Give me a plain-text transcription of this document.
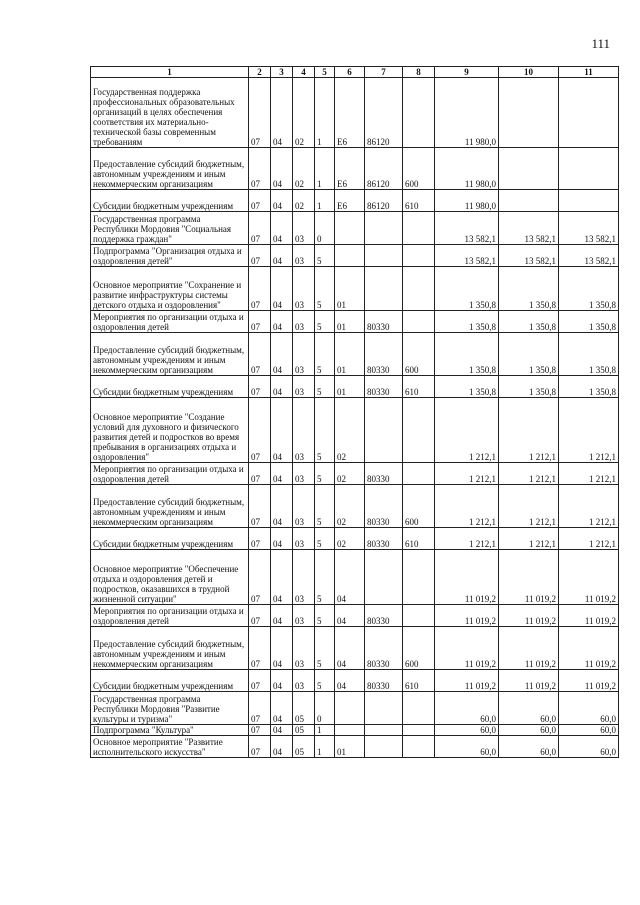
111
1	2	3	4	5	6	7	8	9	10	11
Государственная поддержка профессиональных образовательных организаций в целях обеспечения соответствия их материально-технической базы современным требованиям	07	04	02	1	Е6	86120		11 980,0		
Предоставление субсидий бюджетным, автономным учреждениям и иным некоммерческим организациям	07	04	02	1	Е6	86120	600	11 980,0		
Субсидии бюджетным учреждениям	07	04	02	1	Е6	86120	610	11 980,0		
Государственная программа Республики Мордовия "Социальная поддержка граждан"	07	04	03	0				13 582,1	13 582,1	13 582,1
Подпрограмма "Организация отдыха и оздоровления детей"	07	04	03	5				13 582,1	13 582,1	13 582,1
Основное мероприятие "Сохранение и развитие инфраструктуры системы детского отдыха и оздоровления"	07	04	03	5	01			1 350,8	1 350,8	1 350,8
Мероприятия по организации отдыха и оздоровления детей	07	04	03	5	01	80330		1 350,8	1 350,8	1 350,8
Предоставление субсидий бюджетным, автономным учреждениям и иным некоммерческим организациям	07	04	03	5	01	80330	600	1 350,8	1 350,8	1 350,8
Субсидии бюджетным учреждениям	07	04	03	5	01	80330	610	1 350,8	1 350,8	1 350,8
Основное мероприятие "Создание условий для духовного и физического развития детей и подростков во время пребывания в организациях отдыха и оздоровления"	07	04	03	5	02			1 212,1	1 212,1	1 212,1
Мероприятия по организации отдыха и оздоровления детей	07	04	03	5	02	80330		1 212,1	1 212,1	1 212,1
Предоставление субсидий бюджетным, автономным учреждениям и иным некоммерческим организациям	07	04	03	5	02	80330	600	1 212,1	1 212,1	1 212,1
Субсидии бюджетным учреждениям	07	04	03	5	02	80330	610	1 212,1	1 212,1	1 212,1
Основное мероприятие "Обеспечение отдыха и оздоровления детей и подростков, оказавшихся в трудной жизненной ситуации"	07	04	03	5	04			11 019,2	11 019,2	11 019,2
Мероприятия по организации отдыха и оздоровления детей	07	04	03	5	04	80330		11 019,2	11 019,2	11 019,2
Предоставление субсидий бюджетным, автономным учреждениям и иным некоммерческим организациям	07	04	03	5	04	80330	600	11 019,2	11 019,2	11 019,2
Субсидии бюджетным учреждениям	07	04	03	5	04	80330	610	11 019,2	11 019,2	11 019,2
Государственная программа Республики Мордовия "Развитие культуры и туризма"	07	04	05	0				60,0	60,0	60,0
Подпрограмма "Культура"	07	04	05	1				60,0	60,0	60,0
Основное мероприятие "Развитие исполнительского искусства"	07	04	05	1	01			60,0	60,0	60,0
